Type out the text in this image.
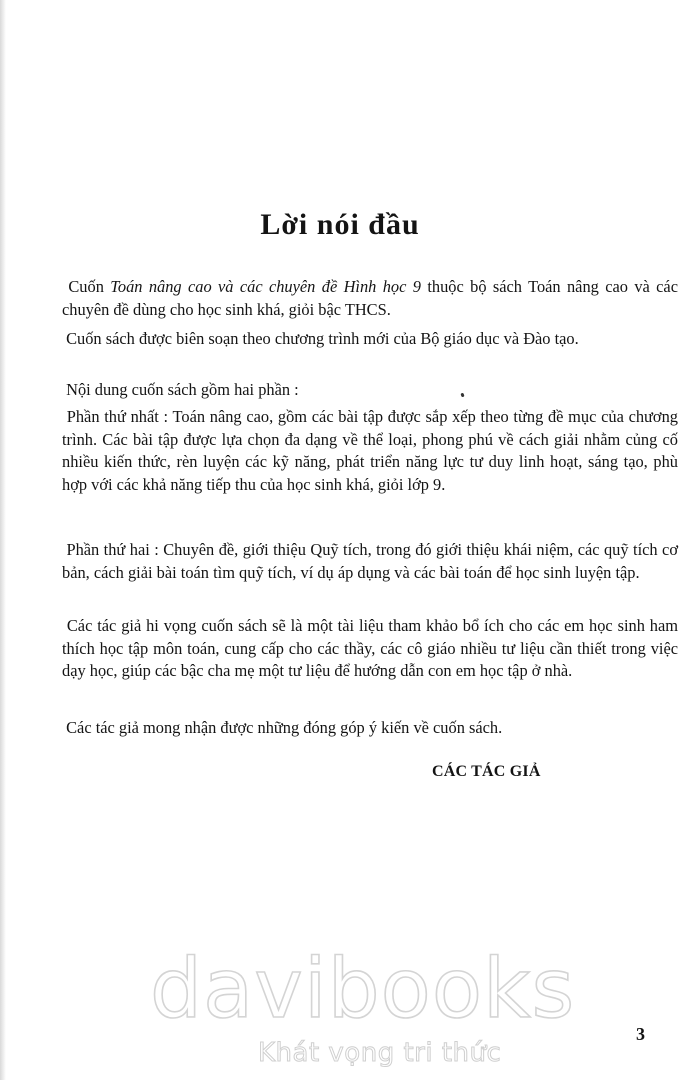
Lời nói đầu

Cuốn Toán nâng cao và các chuyên đề Hình học 9 thuộc bộ sách Toán nâng cao và các chuyên đề dùng cho học sinh khá, giỏi bậc THCS.

Cuốn sách được biên soạn theo chương trình mới của Bộ giáo dục và Đào tạo.

Nội dung cuốn sách gồm hai phần :

Phần thứ nhất : Toán nâng cao, gồm các bài tập được sắp xếp theo từng đề mục của chương trình. Các bài tập được lựa chọn đa dạng về thể loại, phong phú về cách giải nhằm củng cố nhiều kiến thức, rèn luyện các kỹ năng, phát triển năng lực tư duy linh hoạt, sáng tạo, phù hợp với các khả năng tiếp thu của học sinh khá, giỏi lớp 9.

Phần thứ hai : Chuyên đề, giới thiệu Quỹ tích, trong đó giới thiệu khái niệm, các quỹ tích cơ bản, cách giải bài toán tìm quỹ tích, ví dụ áp dụng và các bài toán để học sinh luyện tập.

Các tác giả hi vọng cuốn sách sẽ là một tài liệu tham khảo bổ ích cho các em học sinh ham thích học tập môn toán, cung cấp cho các thầy, các cô giáo nhiều tư liệu cần thiết trong việc dạy học, giúp các bậc cha mẹ một tư liệu để hướng dẫn con em học tập ở nhà.

Các tác giả mong nhận được những đóng góp ý kiến về cuốn sách.

CÁC TÁC GIẢ
davibooks
Khát vọng tri thức
3
